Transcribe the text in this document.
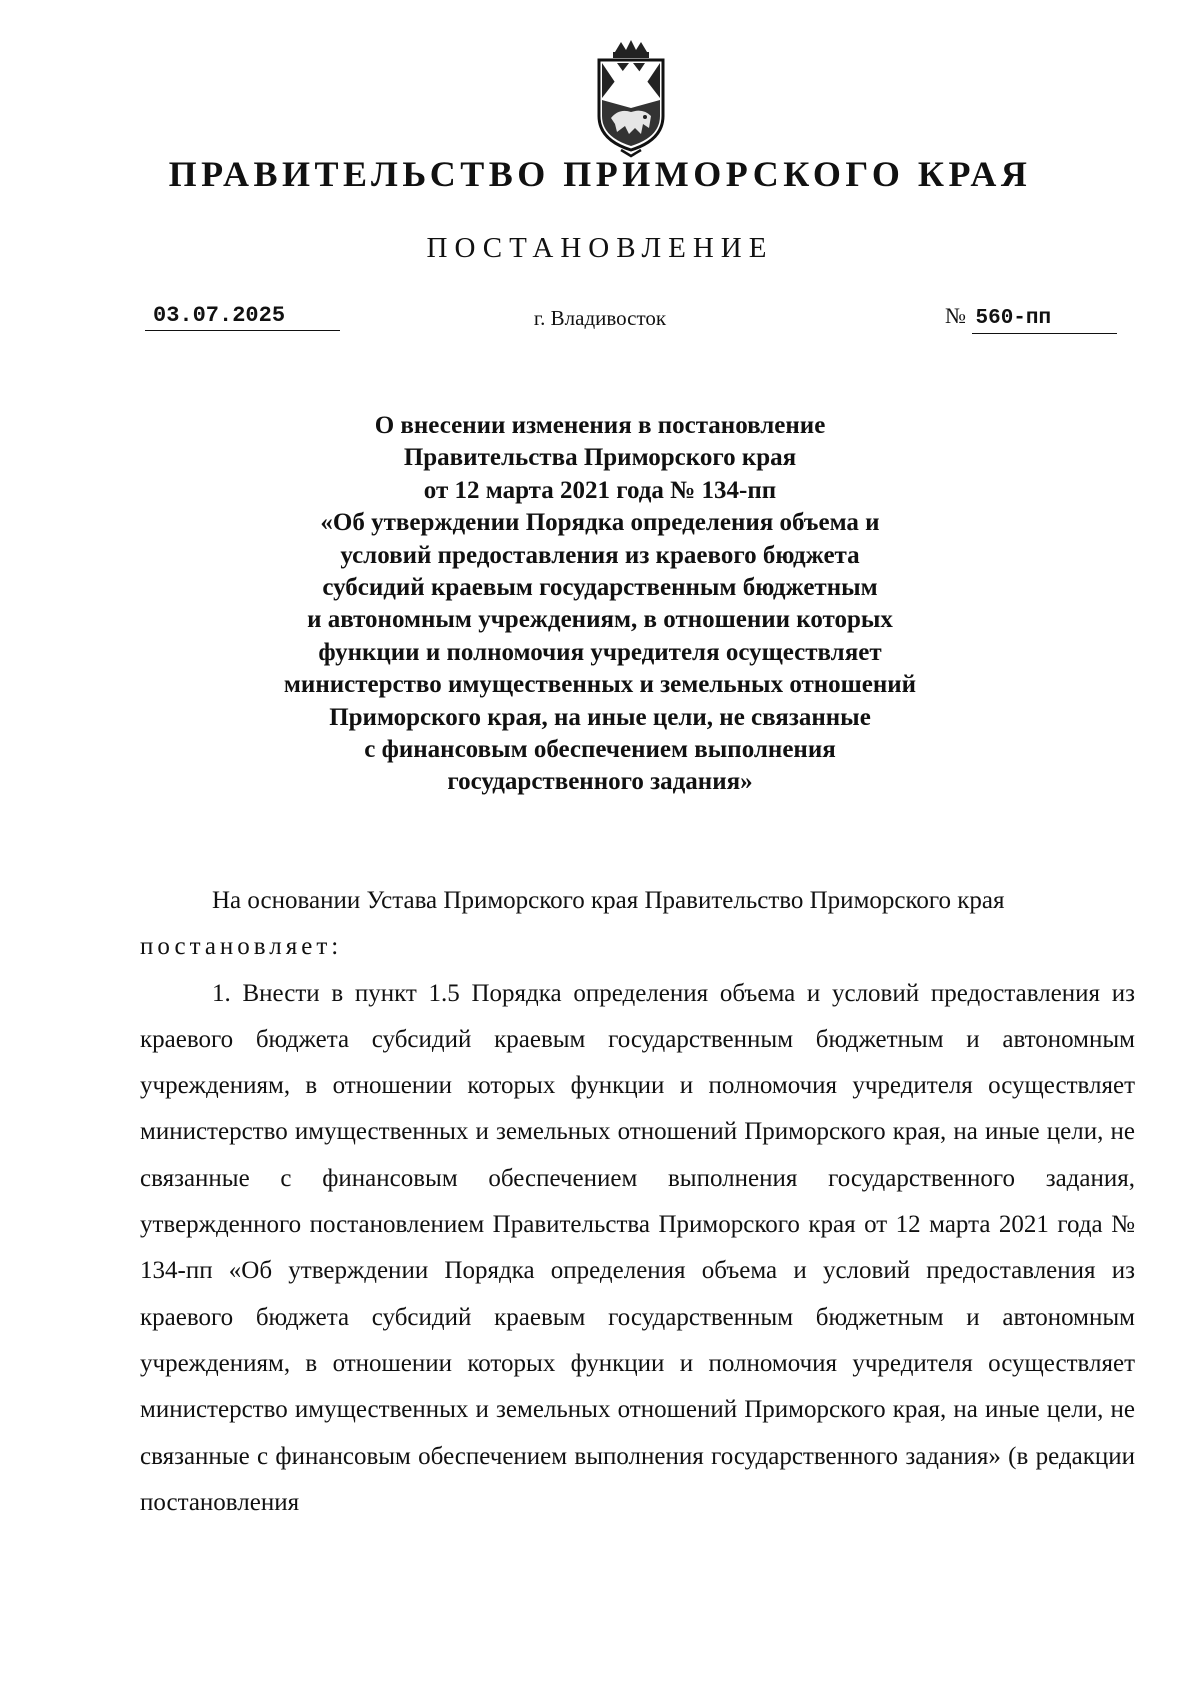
ПРАВИТЕЛЬСТВО ПРИМОРСКОГО КРАЯ
ПОСТАНОВЛЕНИЕ
03.07.2025	г. Владивосток	№ 560-пп
О внесении изменения в постановление
Правительства Приморского края
от 12 марта 2021 года № 134-пп
«Об утверждении Порядка определения объема и
условий предоставления из краевого бюджета
субсидий краевым государственным бюджетным
и автономным учреждениям, в отношении которых
функции и полномочия учредителя осуществляет
министерство имущественных и земельных отношений
Приморского края, на иные цели, не связанные
с финансовым обеспечением выполнения
государственного задания»

На основании Устава Приморского края Правительство Приморского края

постановляет:

1. Внести в пункт 1.5 Порядка определения объема и условий предоставления из краевого бюджета субсидий краевым государственным бюджетным и автономным учреждениям, в отношении которых функции и полномочия учредителя осуществляет министерство имущественных и земельных отношений Приморского края, на иные цели, не связанные с финансовым обеспечением выполнения государственного задания, утвержденного постановлением Правительства Приморского края от 12 марта 2021 года № 134-пп «Об утверждении Порядка определения объема и условий предоставления из краевого бюджета субсидий краевым государственным бюджетным и автономным учреждениям, в отношении которых функции и полномочия учредителя осуществляет министерство имущественных и земельных отношений Приморского края, на иные цели, не связанные с финансовым обеспечением выполнения государственного задания» (в редакции постановления
